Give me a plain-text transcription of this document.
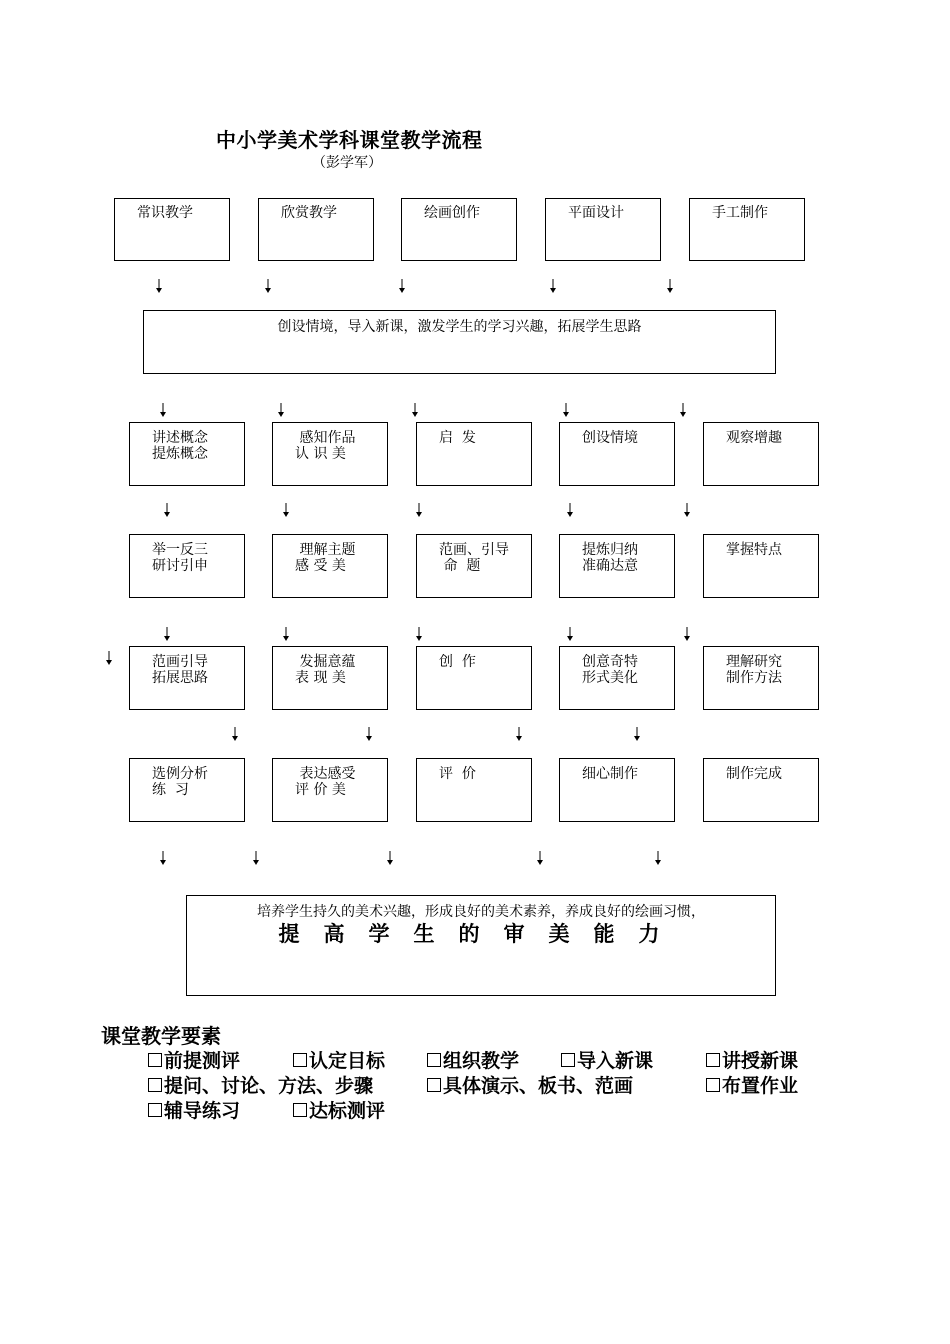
中小学美术学科课堂教学流程
（彭学军）
常识教学	欣赏教学	绘画创作	平面设计	手工制作
创设情境，导入新课，激发学生的学习兴趣，拓展学生思路
讲述概念
提炼概念
感知作品
认 识 美
启  发	创设情境	观察增趣
举一反三
研讨引申
理解主题
感 受 美
范画、引导
命  题
提炼归纳
准确达意
掌握特点
范画引导
拓展思路
发掘意蕴
表 现 美
创  作	创意奇特
形式美化
理解研究
制作方法
选例分析
练  习
表达感受
评 价 美
评  价	细心制作	制作完成
培养学生持久的美术兴趣，形成良好的美术素养，养成良好的绘画习惯，
提高学生的审美能力
课堂教学要素
前提测评	认定目标	组织教学	导入新课	讲授新课
提问、讨论、方法、步骤	具体演示、板书、范画	布置作业
辅导练习	达标测评
